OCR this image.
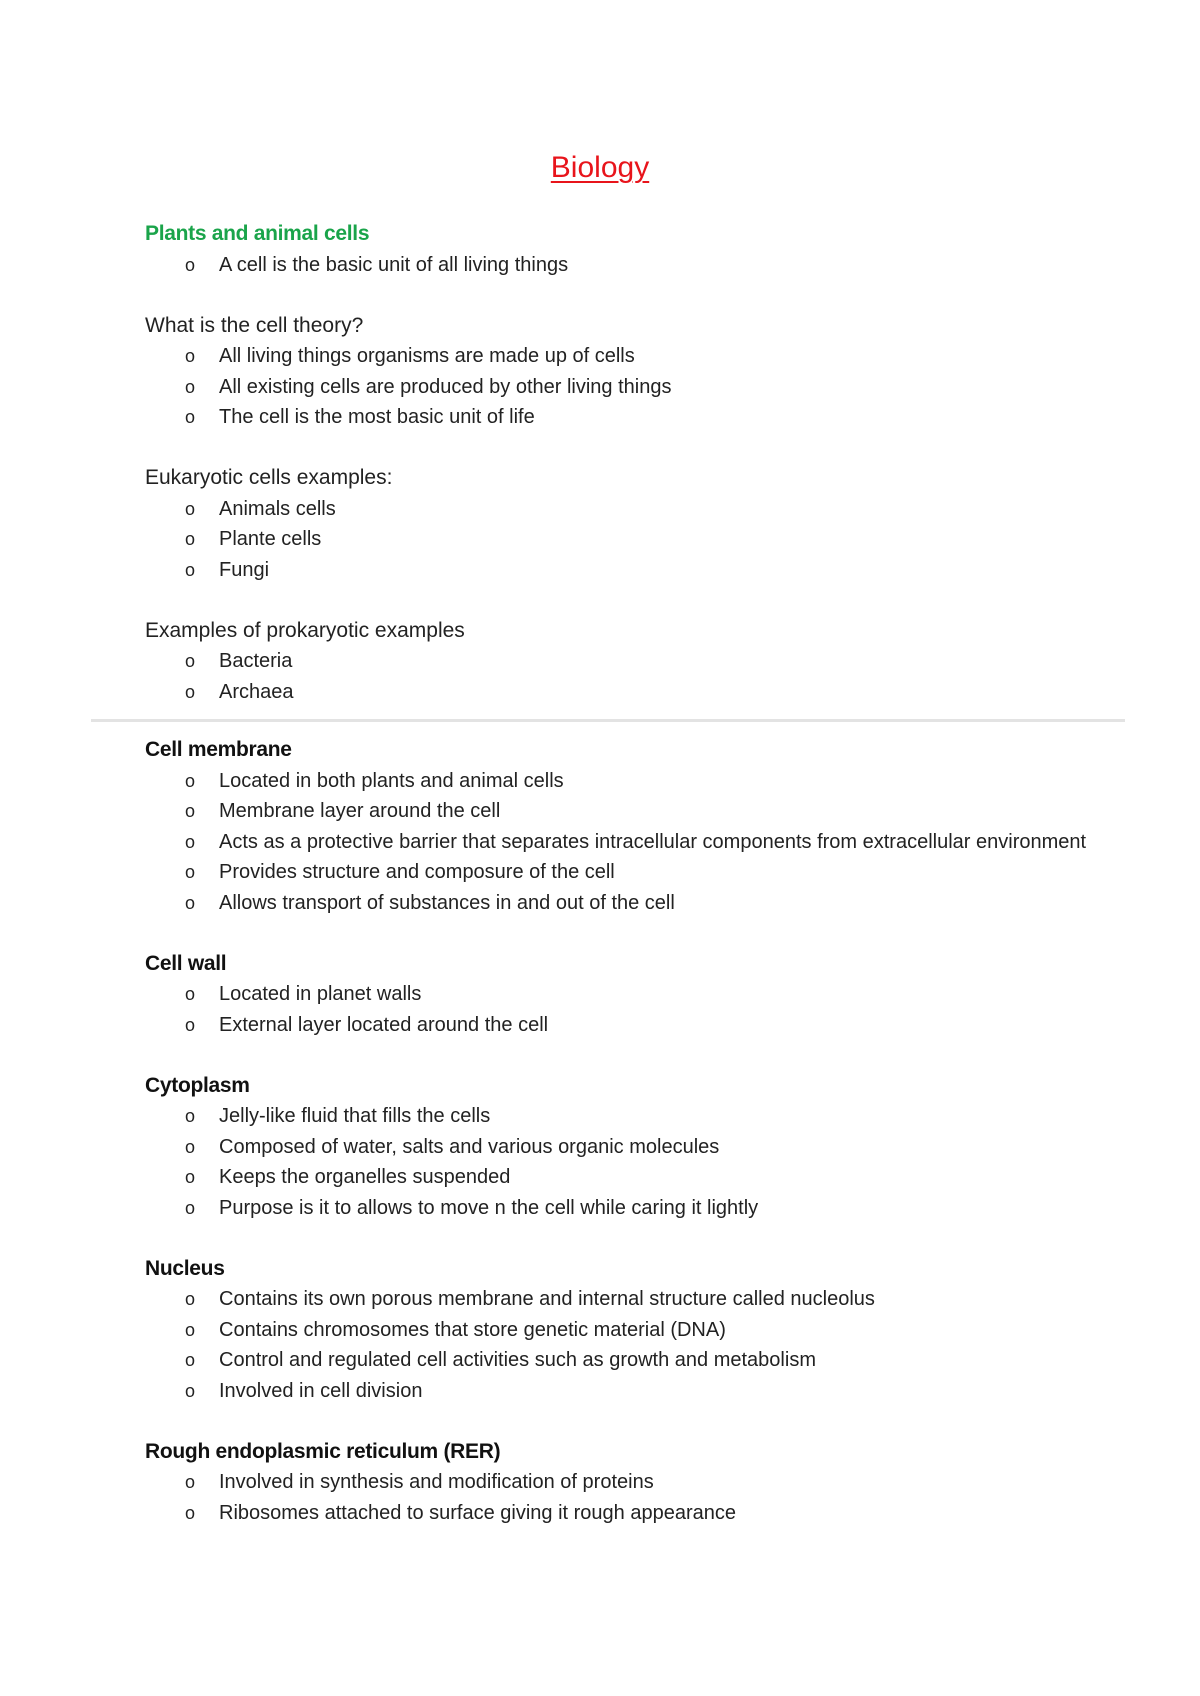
Biology
Plants and animal cells
o A cell is the basic unit of all living things
What is the cell theory?
o All living things organisms are made up of cells
o All existing cells are produced by other living things
o The cell is the most basic unit of life
Eukaryotic cells examples:
o Animals cells
o Plante cells
o Fungi
Examples of prokaryotic examples
o Bacteria
o Archaea
Cell membrane
o Located in both plants and animal cells
o Membrane layer around the cell
o Acts as a protective barrier that separates intracellular components from extracellular environment
o Provides structure and composure of the cell
o Allows transport of substances in and out of the cell
Cell wall
o Located in planet walls
o External layer located around the cell
Cytoplasm
o Jelly-like fluid that fills the cells
o Composed of water, salts and various organic molecules
o Keeps the organelles suspended
o Purpose is it to allows to move n the cell while caring it lightly
Nucleus
o Contains its own porous membrane and internal structure called nucleolus
o Contains chromosomes that store genetic material (DNA)
o Control and regulated cell activities such as growth and metabolism
o Involved in cell division
Rough endoplasmic reticulum (RER)
o Involved in synthesis and modification of proteins
o Ribosomes attached to surface giving it rough appearance
